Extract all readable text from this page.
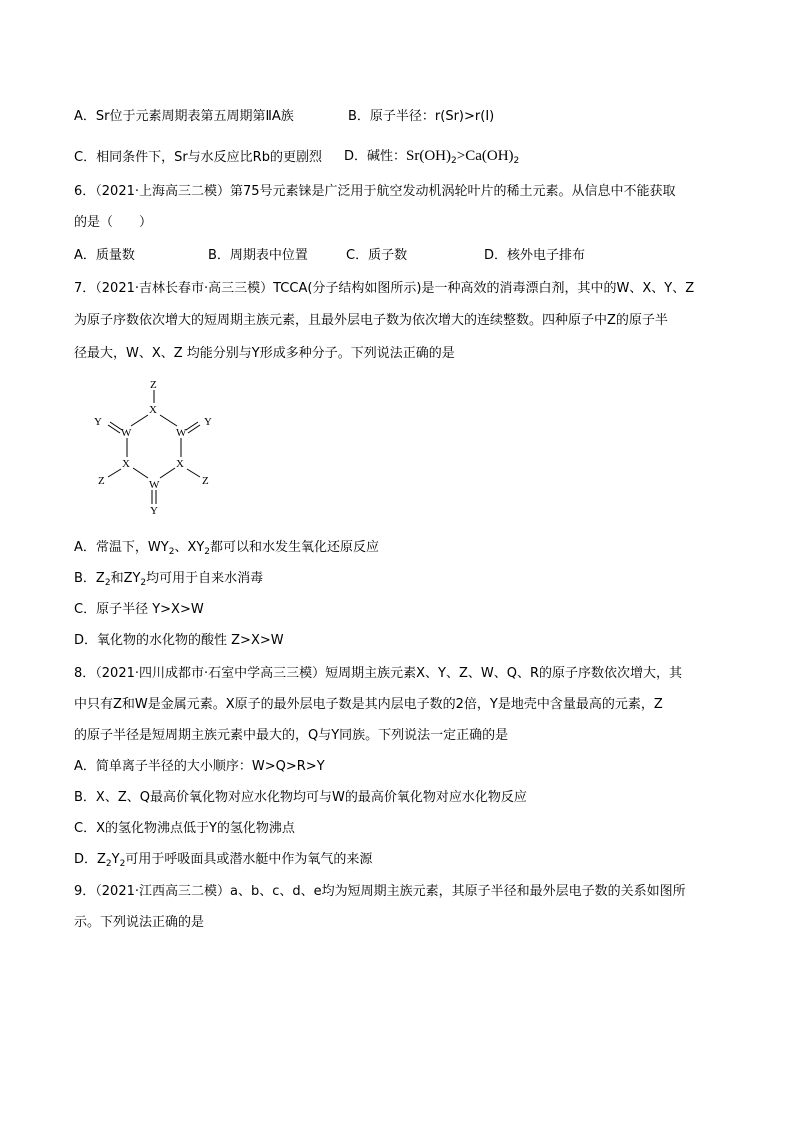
A．Sr位于元素周期表第五周期第ⅡA族	B．原子半径：r(Sr)>r(I)
C．相同条件下，Sr与水反应比Rb的更剧烈 D．碱性：$Sr(OH)_2>Ca(OH)_2$
6．（2021·上海高三二模）第75号元素铼是广泛用于航空发动机涡轮叶片的稀土元素。从信息中不能获取
的是（　　）
A．质量数	B．周期表中位置	C．质子数	D．核外电子排布
7．（2021·吉林长春市·高三三模）TCCA(分子结构如图所示)是一种高效的消毒漂白剂，其中的W、X、Y、Z
为原子序数依次增大的短周期主族元素，且最外层电子数为依次增大的连续整数。四种原子中Z的原子半
径最大，W、X、Z 均能分别与Y形成多种分子。下列说法正确的是
Z
X
Y
W	W
Y
X	X
Z	Z
W
Y
A．常温下，$WY_2$、$XY_2$都可以和水发生氧化还原反应
B．$Z_2$和$ZY_2$均可用于自来水消毒
C．原子半径 Y>X>W
D．氧化物的水化物的酸性 Z>X>W
8．（2021·四川成都市·石室中学高三三模）短周期主族元素X、Y、Z、W、Q、R的原子序数依次增大，其
中只有Z和W是金属元素。X原子的最外层电子数是其内层电子数的2倍，Y是地壳中含量最高的元素，Z
的原子半径是短周期主族元素中最大的，Q与Y同族。下列说法一定正确的是
A．简单离子半径的大小顺序：W>Q>R>Y
B．X、Z、Q最高价氧化物对应水化物均可与W的最高价氧化物对应水化物反应
C．X的氢化物沸点低于Y的氢化物沸点
D．$Z_2Y_2$可用于呼吸面具或潜水艇中作为氧气的来源
9．（2021·江西高三二模）a、b、c、d、e均为短周期主族元素，其原子半径和最外层电子数的关系如图所
示。下列说法正确的是
